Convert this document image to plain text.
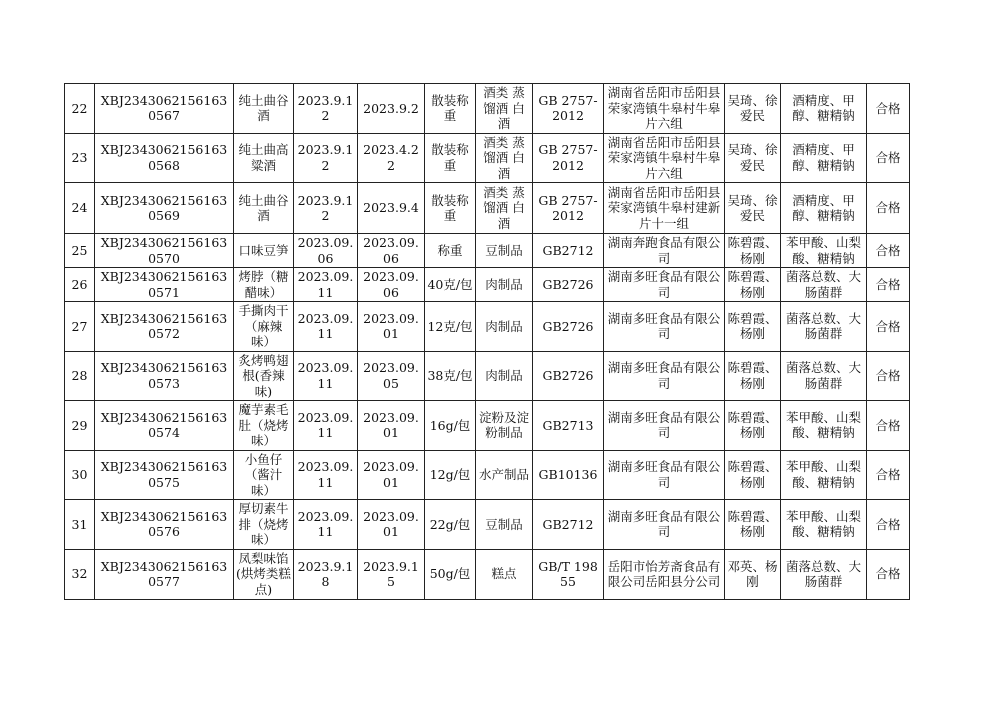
22	XBJ23430621561630567	纯土曲谷酒	2023.9.12	2023.9.2	散装称重	酒类 蒸馏酒 白酒	GB 2757-2012	湖南省岳阳市岳阳县荣家湾镇牛皋村牛皋片六组	吴琦、徐爱民	酒精度、甲醇、糖精钠	合格
23	XBJ23430621561630568	纯土曲高粱酒	2023.9.12	2023.4.22	散装称重	酒类 蒸馏酒 白酒	GB 2757-2012	湖南省岳阳市岳阳县荣家湾镇牛皋村牛皋片六组	吴琦、徐爱民	酒精度、甲醇、糖精钠	合格
24	XBJ23430621561630569	纯土曲谷酒	2023.9.12	2023.9.4	散装称重	酒类 蒸馏酒 白酒	GB 2757-2012	湖南省岳阳市岳阳县荣家湾镇牛皋村建新片十一组	吴琦、徐爱民	酒精度、甲醇、糖精钠	合格
25	XBJ23430621561630570	口味豆笋	2023.09.06	2023.09.06	称重	豆制品	GB2712	湖南奔跑食品有限公司	陈碧霞、杨刚	苯甲酸、山梨酸、糖精钠	合格
26	XBJ23430621561630571	烤脖（糖醋味）	2023.09.11	2023.09.06	40克/包	肉制品	GB2726	湖南多旺食品有限公司	陈碧霞、杨刚	菌落总数、大肠菌群	合格
27	XBJ23430621561630572	手撕肉干（麻辣味）	2023.09.11	2023.09.01	12克/包	肉制品	GB2726	湖南多旺食品有限公司	陈碧霞、杨刚	菌落总数、大肠菌群	合格
28	XBJ23430621561630573	炙烤鸭翅根(香辣味)	2023.09.11	2023.09.05	38克/包	肉制品	GB2726	湖南多旺食品有限公司	陈碧霞、杨刚	菌落总数、大肠菌群	合格
29	XBJ23430621561630574	魔芋素毛肚（烧烤味）	2023.09.11	2023.09.01	16g/包	淀粉及淀粉制品	GB2713	湖南多旺食品有限公司	陈碧霞、杨刚	苯甲酸、山梨酸、糖精钠	合格
30	XBJ23430621561630575	小鱼仔（酱汁味）	2023.09.11	2023.09.01	12g/包	水产制品	GB10136	湖南多旺食品有限公司	陈碧霞、杨刚	苯甲酸、山梨酸、糖精钠	合格
31	XBJ23430621561630576	厚切素牛排（烧烤味）	2023.09.11	2023.09.01	22g/包	豆制品	GB2712	湖南多旺食品有限公司	陈碧霞、杨刚	苯甲酸、山梨酸、糖精钠	合格
32	XBJ23430621561630577	凤梨味馅(烘烤类糕点)	2023.9.18	2023.9.15	50g/包	糕点	GB/T 19855	岳阳市怡芳斋食品有限公司岳阳县分公司	邓英、杨刚	菌落总数、大肠菌群	合格
